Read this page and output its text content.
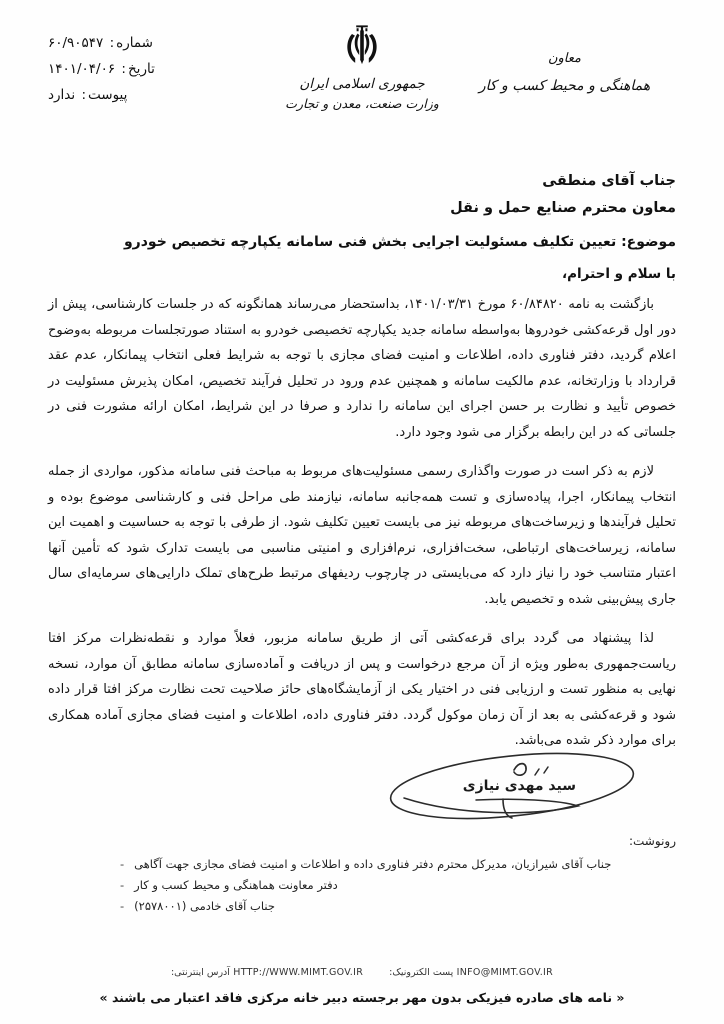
شماره: ۶۰/۹۰۵۴۷
تاریخ: ۱۴۰۱/۰۴/۰۶
پیوست: ندارد
جمهوری اسلامی ایران
وزارت صنعت، معدن و تجارت
معاون
هماهنگی و محیط کسب و کار
جناب آقای منطقی
معاون محترم صنایع حمل و نقل
موضوع: تعیین تکلیف مسئولیت اجرایی بخش فنی سامانه یکپارچه تخصیص خودرو
با سلام و احترام،

بازگشت به نامه ۶۰/۸۴۸۲۰ مورخ ۱۴۰۱/۰۳/۳۱، بداستحضار می‌رساند همانگونه که در جلسات کارشناسی، پیش از دور اول قرعه‌کشی خودروها به‌واسطه سامانه جدید یکپارچه تخصیصی خودرو به استناد صورتجلسات مربوطه به‌وضوح اعلام گردید، دفتر فناوری داده، اطلاعات و امنیت فضای مجازی با توجه به شرایط فعلی انتخاب پیمانکار، عدم عقد قرارداد با وزارتخانه، عدم مالکیت سامانه و همچنین عدم ورود در تحلیل فرآیند تخصیص، امکان پذیرش مسئولیت در خصوص تأیید و نظارت بر حسن اجرای این سامانه را ندارد و صرفا در این شرایط، امکان ارائه مشورت فنی در جلساتی که در این رابطه برگزار می شود وجود دارد.

لازم به ذکر است در صورت واگذاری رسمی مسئولیت‌های مربوط به مباحث فنی سامانه مذکور، مواردی از جمله انتخاب پیمانکار، اجرا، پیاده‌سازی و تست همه‌جانبه سامانه، نیازمند طی مراحل فنی و کارشناسی موضوع بوده و تحلیل فرآیندها و زیرساخت‌های مربوطه نیز می بایست تعیین تکلیف شود. از طرفی با توجه به حساسیت و اهمیت این سامانه، زیرساخت‌های ارتباطی، سخت‌افزاری، نرم‌افزاری و امنیتی مناسبی می بایست تدارک شود که تأمین آنها اعتبار متناسب خود را نیاز دارد که می‌بایستی در چارچوب ردیفهای مرتبط طرح‌های تملک دارایی‌های سرمایه‌ای سال جاری پیش‌بینی شده و تخصیص یابد.

لذا پیشنهاد می گردد برای قرعه‌کشی آتی از طریق سامانه مزبور، فعلاً موارد و نقطه‌نظرات مرکز افتا ریاست‌جمهوری به‌طور ویژه از آن مرجع درخواست و پس از دریافت و آماده‌سازی سامانه مطابق آن موارد، نسخه نهایی به منظور تست و ارزیابی فنی در اختیار یکی از آزمایشگاه‌های حائز صلاحیت تحت نظارت مرکز افتا قرار داده شود و قرعه‌کشی به بعد از آن زمان موکول گردد. دفتر فناوری داده، اطلاعات و امنیت فضای مجازی آماده همکاری برای موارد ذکر شده می‌باشد.

سید مهدی نیازی
رونوشت:
جناب آقای شیرازیان، مدیرکل محترم دفتر فناوری داده و اطلاعات و امنیت فضای مجازی جهت آگاهی
-
دفتر معاونت هماهنگی و محیط کسب و کار
-
جناب آقای خادمی (۲۵۷۸۰۰۱)
-
INFO@MIMT.GOV.IR پست الکترونیک:
HTTP://WWW.MIMT.GOV.IR آدرس اینترنتی:
« نامه های صادره فیزیکی بدون مهر برجسته دبیر خانه مرکزی فاقد اعتبار می باشند »
